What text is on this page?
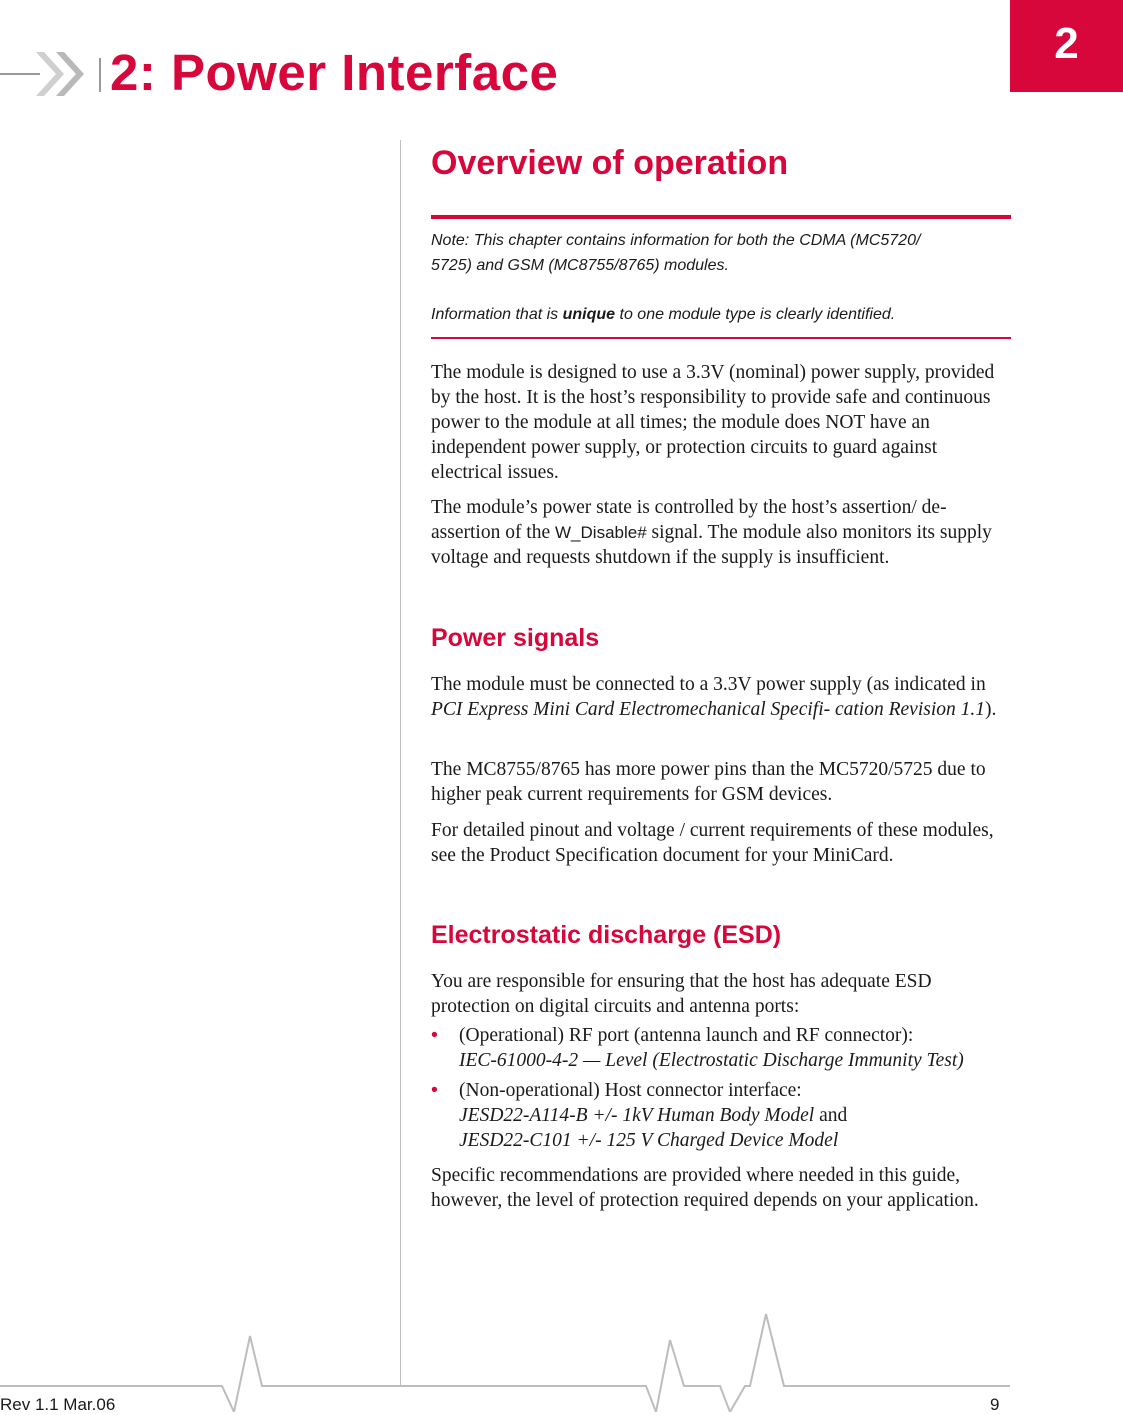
2
2: Power Interface
Overview of operation
Note: This chapter contains information for both the CDMA (MC5720/
5725) and GSM (MC8755/8765) modules.
Information that is unique to one module type is clearly identified.

The module is designed to use a 3.3V (nominal) power supply, provided by the host. It is the host’s responsibility to provide safe and continuous power to the module at all times; the module does NOT have an independent power supply, or protection circuits to guard against electrical issues.

The module’s power state is controlled by the host’s assertion/ de-assertion of the W_Disable# signal. The module also monitors its supply voltage and requests shutdown if the supply is insufficient.

Power signals

The module must be connected to a 3.3V power supply (as indicated in PCI Express Mini Card Electromechanical Specifi- cation Revision 1.1).

The MC8755/8765 has more power pins than the MC5720/5725 due to higher peak current requirements for GSM devices.

For detailed pinout and voltage / current requirements of these modules, see the Product Specification document for your MiniCard.

Electrostatic discharge (ESD)

You are responsible for ensuring that the host has adequate ESD protection on digital circuits and antenna ports:

• (Operational) RF port (antenna launch and RF connector):
IEC-61000-4-2 — Level (Electrostatic Discharge Immunity Test)
• (Non-operational) Host connector interface:
JESD22-A114-B +/- 1kV Human Body Model and
JESD22-C101 +/- 125 V Charged Device Model

Specific recommendations are provided where needed in this guide, however, the level of protection required depends on your application.

Rev 1.1 Mar.06	9
